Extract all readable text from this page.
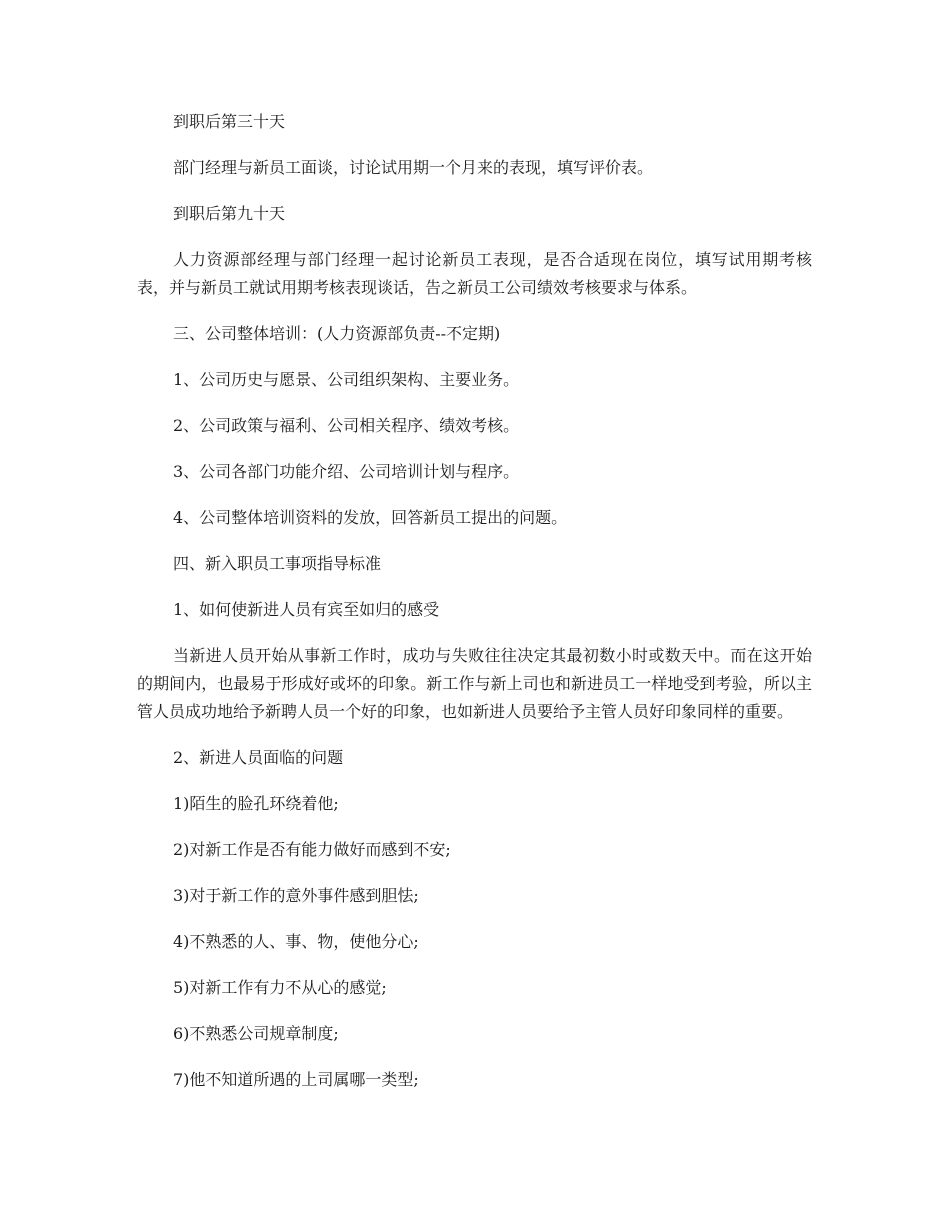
到职后第三十天

部门经理与新员工面谈，讨论试用期一个月来的表现，填写评价表。

到职后第九十天

人力资源部经理与部门经理一起讨论新员工表现，是否合适现在岗位，填写试用期考核表，并与新员工就试用期考核表现谈话，告之新员工公司绩效考核要求与体系。

三、公司整体培训：(人力资源部负责--不定期)

1、公司历史与愿景、公司组织架构、主要业务。

2、公司政策与福利、公司相关程序、绩效考核。

3、公司各部门功能介绍、公司培训计划与程序。

4、公司整体培训资料的发放，回答新员工提出的问题。

四、新入职员工事项指导标准

1、如何使新进人员有宾至如归的感受

当新进人员开始从事新工作时，成功与失败往往决定其最初数小时或数天中。而在这开始的期间内，也最易于形成好或坏的印象。新工作与新上司也和新进员工一样地受到考验，所以主管人员成功地给予新聘人员一个好的印象，也如新进人员要给予主管人员好印象同样的重要。

2、新进人员面临的问题

1)陌生的脸孔环绕着他;

2)对新工作是否有能力做好而感到不安;

3)对于新工作的意外事件感到胆怯;

4)不熟悉的人、事、物，使他分心;

5)对新工作有力不从心的感觉;

6)不熟悉公司规章制度;

7)他不知道所遇的上司属哪一类型;
